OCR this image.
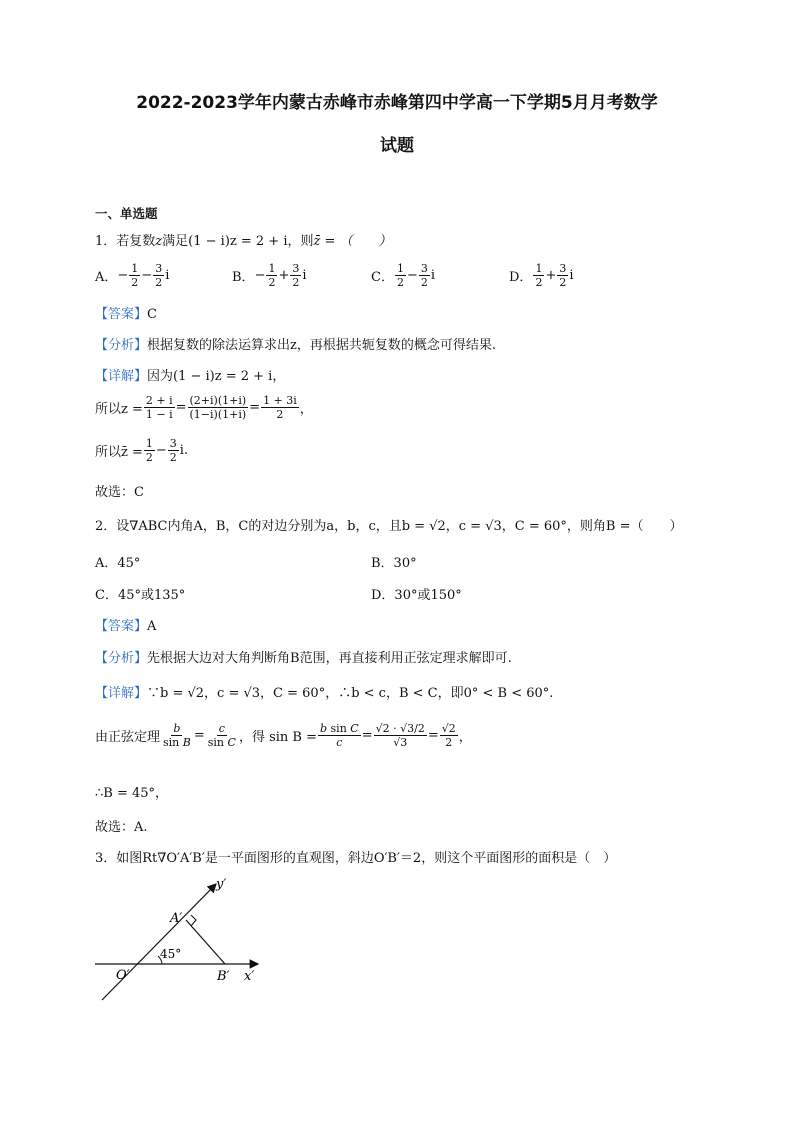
2022-2023学年内蒙古赤峰市赤峰第四中学高一下学期5月月考数学
试题
一、单选题
1．若复数z满足(1 − i)z = 2 + i，则z̄ = （　　）
A． − $\frac{1}{2} - \frac{3}{2}$ i	B． − $\frac{1}{2} + \frac{3}{2}$ i	C． $\frac{1}{2} - \frac{3}{2}$ i	D． $\frac{1}{2} + \frac{3}{2}$ i
【答案】C
【分析】根据复数的除法运算求出z，再根据共轭复数的概念可得结果.
【详解】因为(1 − i)z = 2 + i，
所以$z = \frac{2 + i}{1 - i} = \frac{(2+i)(1+i)}{(1-i)(1+i)} = \frac{1 + 3i}{2}$ ，
所以z̄ = $\frac{1}{2} - \frac{3}{2} i$.
故选：C
2．设∇ABC内角A，B，C的对边分别为a，b，c，且b = √2，c = √3，C = 60°，则角B =（　　）
A．45°	B．30°
C．45°或135°	D．30°或150°
【答案】A
【分析】先根据大边对大角判断角B范围，再直接利用正弦定理求解即可.
【详解】∵b = √2，c = √3，C = 60°，∴b < c，B < C，即0° < B < 60°.
由正弦定理 $\frac{b}{\text{sin B}} = \frac{c}{\text{sin C}}$ ，得 $\sin B = \frac{\text{b sin C}}{c} = \frac{√2 \cdot √3/2}{√3} = \frac{√2}{2}$ ，
∴B = 45°，
故选：A.
3．如图Rt∇O′A′B′是一平面图形的直观图，斜边O′B′＝2，则这个平面图形的面积是（　）
y′
x′
A′
B′
O′
45°
